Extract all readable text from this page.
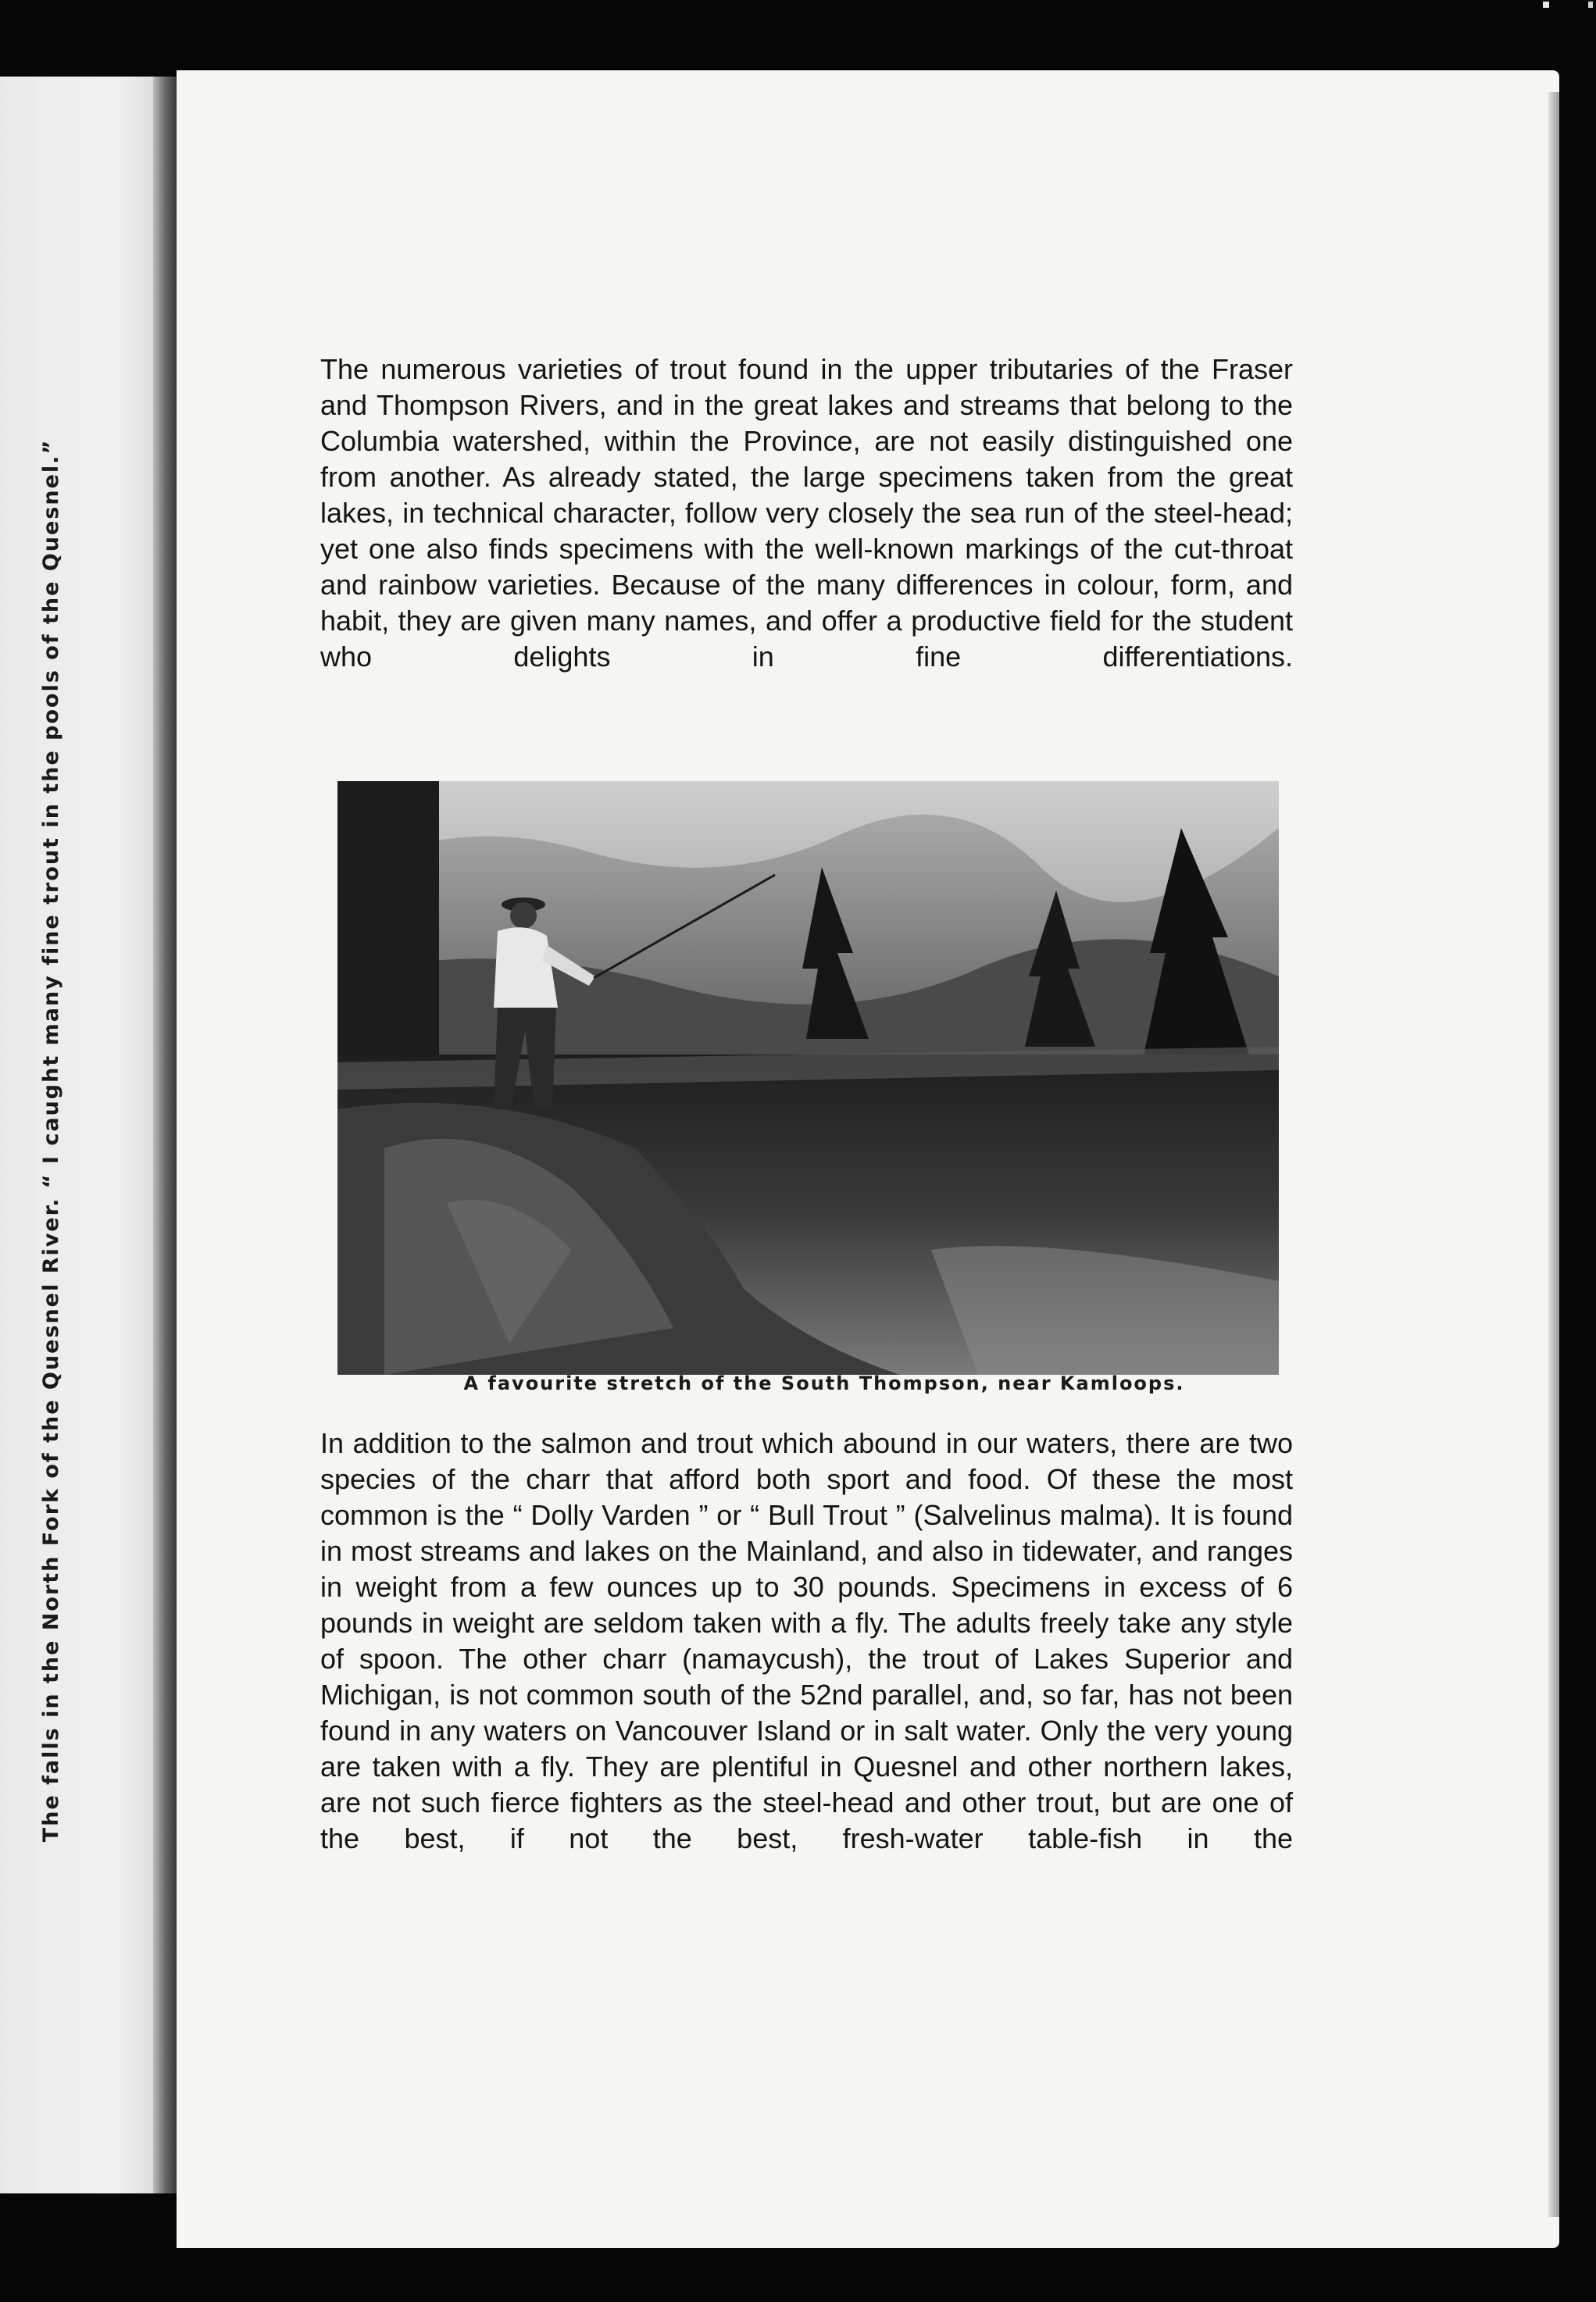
The falls in the North Fork of the Quesnel River. “ I caught many fine trout in the pools of the Quesnel.”

The numerous varieties of trout found in the upper tributaries of the Fraser and Thompson Rivers, and in the great lakes and streams that belong to the Columbia watershed, within the Province, are not easily distinguished one from another. As already stated, the large specimens taken from the great lakes, in technical character, follow very closely the sea run of the steel-head; yet one also finds specimens with the well-known markings of the cut-throat and rainbow varieties. Because of the many differences in colour, form, and habit, they are given many names, and offer a productive field for the student who delights in fine differentiations.

A favourite stretch of the South Thompson, near Kamloops.

In addition to the salmon and trout which abound in our waters, there are two species of the charr that afford both sport and food. Of these the most common is the “ Dolly Varden ” or “ Bull Trout ” (Salvelinus malma). It is found in most streams and lakes on the Mainland, and also in tidewater, and ranges in weight from a few ounces up to 30 pounds. Specimens in excess of 6 pounds in weight are seldom taken with a fly. The adults freely take any style of spoon. The other charr (namaycush), the trout of Lakes Superior and Michigan, is not common south of the 52nd parallel, and, so far, has not been found in any waters on Vancouver Island or in salt water. Only the very young are taken with a fly. They are plentiful in Quesnel and other northern lakes, are not such fierce fighters as the steel-head and other trout, but are one of the best, if not the best, fresh-water table-fish in the
